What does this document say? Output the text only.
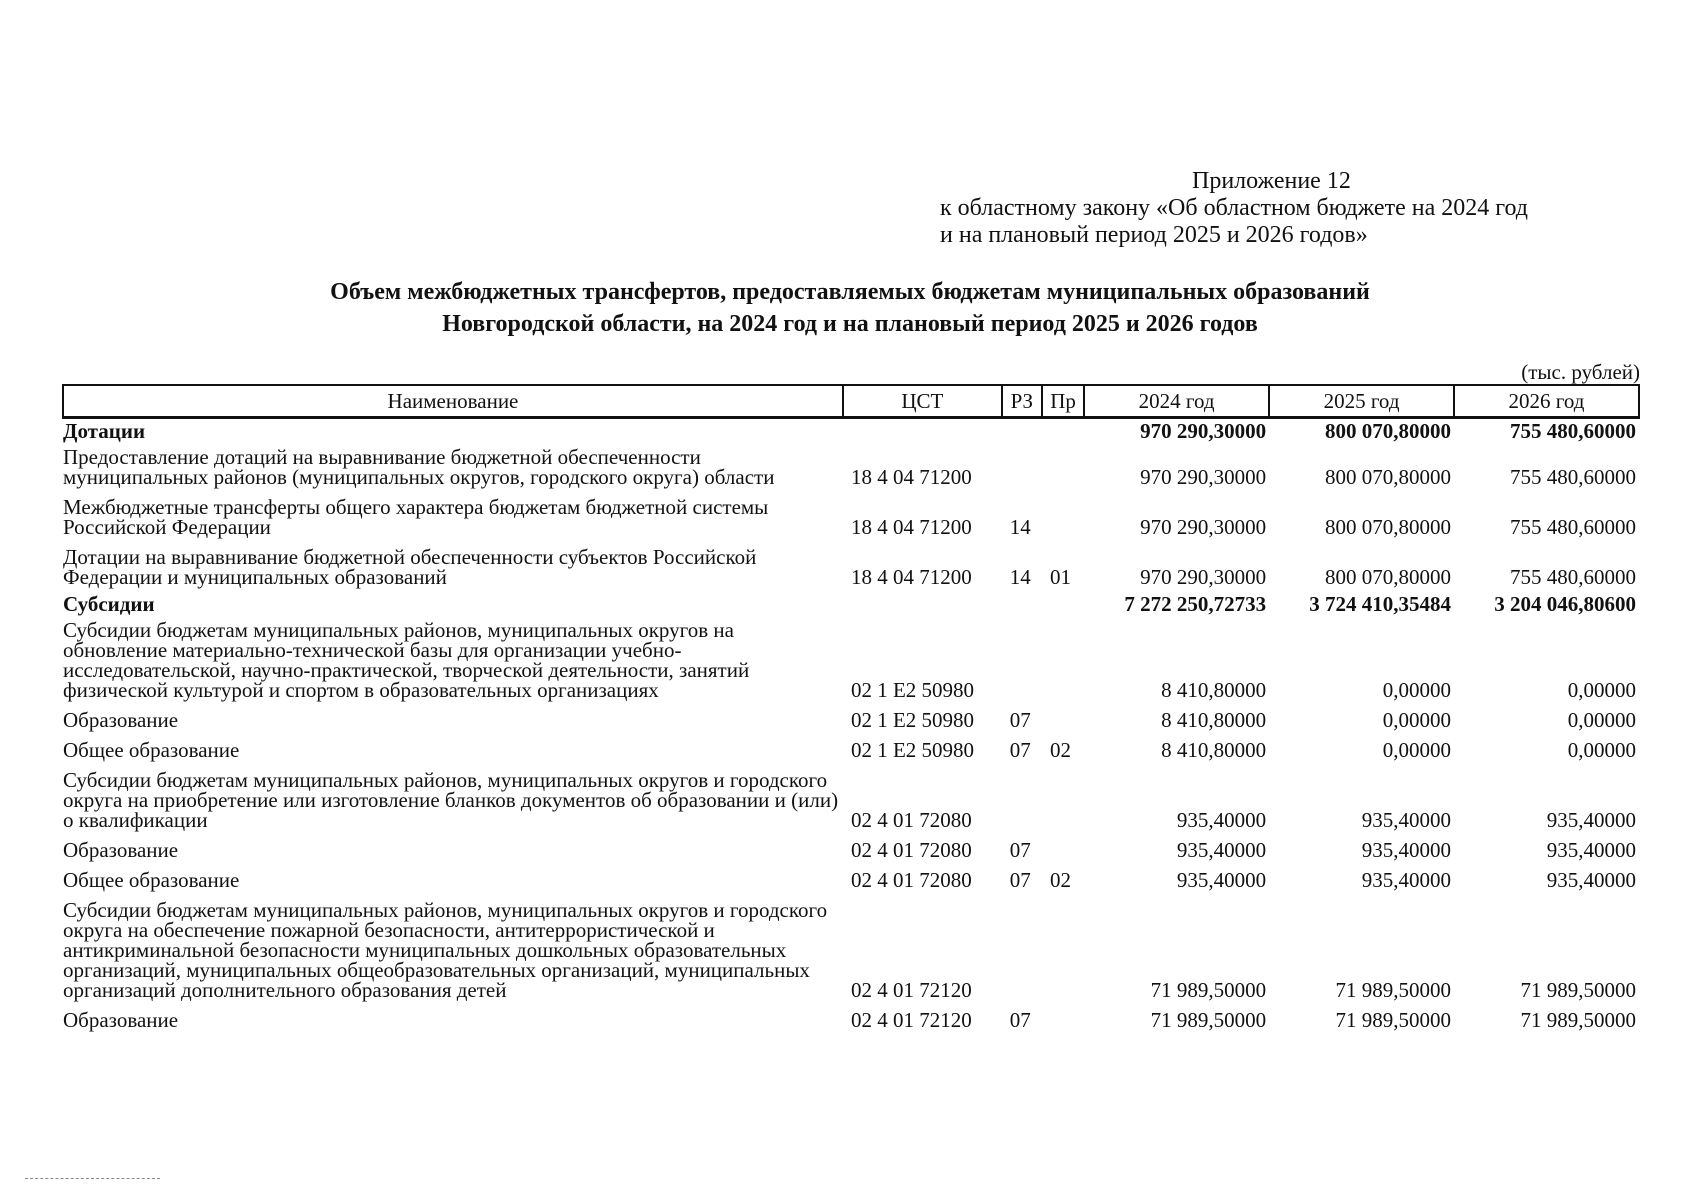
Приложение 12
к областному закону «Об областном бюджете на 2024 год
и на плановый период 2025 и 2026 годов»
Объем межбюджетных трансфертов, предоставляемых бюджетам муниципальных образований
Новгородской области, на 2024 год и на плановый период 2025 и 2026 годов
(тыс. рублей)
Наименование	ЦСТ	РЗ	Пр	2024 год	2025 год	2026 год
Дотации				970 290,30000	800 070,80000	755 480,60000
Предоставление дотаций на выравнивание бюджетной обеспеченности муниципальных районов (муниципальных округов, городского округа) области	18 4 04 71200			970 290,30000	800 070,80000	755 480,60000
Межбюджетные трансферты общего характера бюджетам бюджетной системы Российской Федерации	18 4 04 71200	14		970 290,30000	800 070,80000	755 480,60000
Дотации на выравнивание бюджетной обеспеченности субъектов Российской Федерации и муниципальных образований	18 4 04 71200	14	01	970 290,30000	800 070,80000	755 480,60000
Субсидии				7 272 250,72733	3 724 410,35484	3 204 046,80600
Субсидии бюджетам муниципальных районов, муниципальных округов на обновление материально-технической базы для организации учебно-исследовательской, научно-практической, творческой деятельности, занятий физической культурой и спортом в образовательных организациях	02 1 E2 50980			8 410,80000	0,00000	0,00000
Образование	02 1 E2 50980	07		8 410,80000	0,00000	0,00000
Общее образование	02 1 E2 50980	07	02	8 410,80000	0,00000	0,00000
Субсидии бюджетам муниципальных районов, муниципальных округов и городского округа на приобретение или изготовление бланков документов об образовании и (или) о квалификации	02 4 01 72080			935,40000	935,40000	935,40000
Образование	02 4 01 72080	07		935,40000	935,40000	935,40000
Общее образование	02 4 01 72080	07	02	935,40000	935,40000	935,40000
Субсидии бюджетам муниципальных районов, муниципальных округов и городского округа на обеспечение пожарной безопасности, антитеррористической и антикриминальной безопасности муниципальных дошкольных образовательных организаций, муниципальных общеобразовательных организаций, муниципальных организаций дополнительного образования детей	02 4 01 72120			71 989,50000	71 989,50000	71 989,50000
Образование	02 4 01 72120	07		71 989,50000	71 989,50000	71 989,50000
